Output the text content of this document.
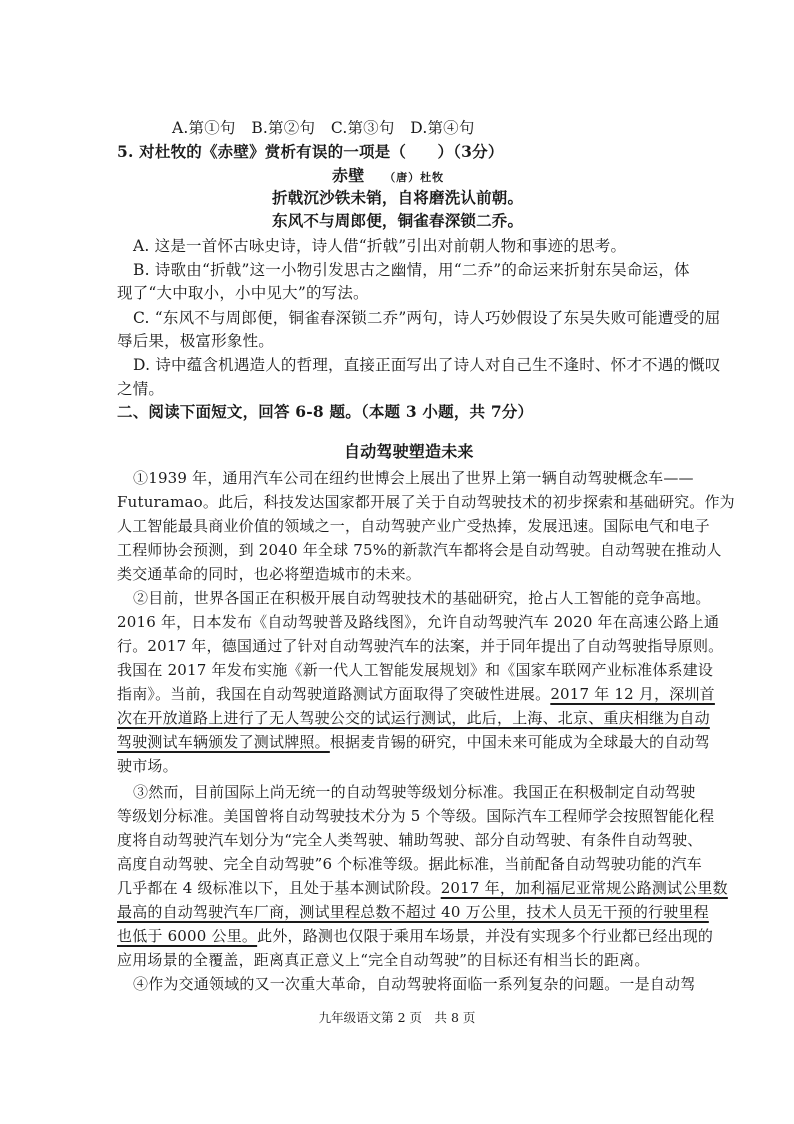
A.第①句　B.第②句　C.第③句　D.第④句
5. 对杜牧的《赤壁》赏析有误的一项是（　　）（3分）
赤壁 （唐）杜牧
折戟沉沙铁未销，自将磨洗认前朝。
东风不与周郎便，铜雀春深锁二乔。
A. 这是一首怀古咏史诗，诗人借“折戟”引出对前朝人物和事迹的思考。
B. 诗歌由“折戟”这一小物引发思古之幽情，用“二乔”的命运来折射东吴命运，体
现了“大中取小，小中见大”的写法。
C. “东风不与周郎便，铜雀春深锁二乔”两句，诗人巧妙假设了东吴失败可能遭受的屈
辱后果，极富形象性。
D. 诗中蕴含机遇造人的哲理，直接正面写出了诗人对自己生不逢时、怀才不遇的慨叹
之情。
二、阅读下面短文，回答 6-8 题。（本题 3 小题，共 7分）
自动驾驶塑造未来
①1939 年，通用汽车公司在纽约世博会上展出了世界上第一辆自动驾驶概念车——
Futuramao。此后，科技发达国家都开展了关于自动驾驶技术的初步探索和基础研究。作为
人工智能最具商业价值的领域之一，自动驾驶产业广受热捧，发展迅速。国际电气和电子
工程师协会预测，到 2040 年全球 75%的新款汽车都将会是自动驾驶。自动驾驶在推动人
类交通革命的同时，也必将塑造城市的未来。
②目前，世界各国正在积极开展自动驾驶技术的基础研究，抢占人工智能的竞争高地。
2016 年，日本发布《自动驾驶普及路线图》，允许自动驾驶汽车 2020 年在高速公路上通
行。2017 年，德国通过了针对自动驾驶汽车的法案，并于同年提出了自动驾驶指导原则。
我国在 2017 年发布实施《新一代人工智能发展规划》和《国家车联网产业标准体系建设
指南》。当前，我国在自动驾驶道路测试方面取得了突破性进展。2017 年 12 月，深圳首
次在开放道路上进行了无人驾驶公交的试运行测试，此后，上海、北京、重庆相继为自动
驾驶测试车辆颁发了测试牌照。根据麦肯锡的研究，中国未来可能成为全球最大的自动驾
驶市场。
③然而，目前国际上尚无统一的自动驾驶等级划分标准。我国正在积极制定自动驾驶
等级划分标准。美国曾将自动驾驶技术分为 5 个等级。国际汽车工程师学会按照智能化程
度将自动驾驶汽车划分为“完全人类驾驶、辅助驾驶、部分自动驾驶、有条件自动驾驶、
高度自动驾驶、完全自动驾驶”6 个标准等级。据此标准，当前配备自动驾驶功能的汽车
几乎都在 4 级标准以下，且处于基本测试阶段。2017 年，加利福尼亚常规公路测试公里数
最高的自动驾驶汽车厂商，测试里程总数不超过 40 万公里，技术人员无干预的行驶里程
也低于 6000 公里。此外，路测也仅限于乘用车场景，并没有实现多个行业都已经出现的
应用场景的全覆盖，距离真正意义上“完全自动驾驶”的目标还有相当长的距离。
④作为交通领域的又一次重大革命，自动驾驶将面临一系列复杂的问题。一是自动驾
九年级语文第 2 页　共 8 页
